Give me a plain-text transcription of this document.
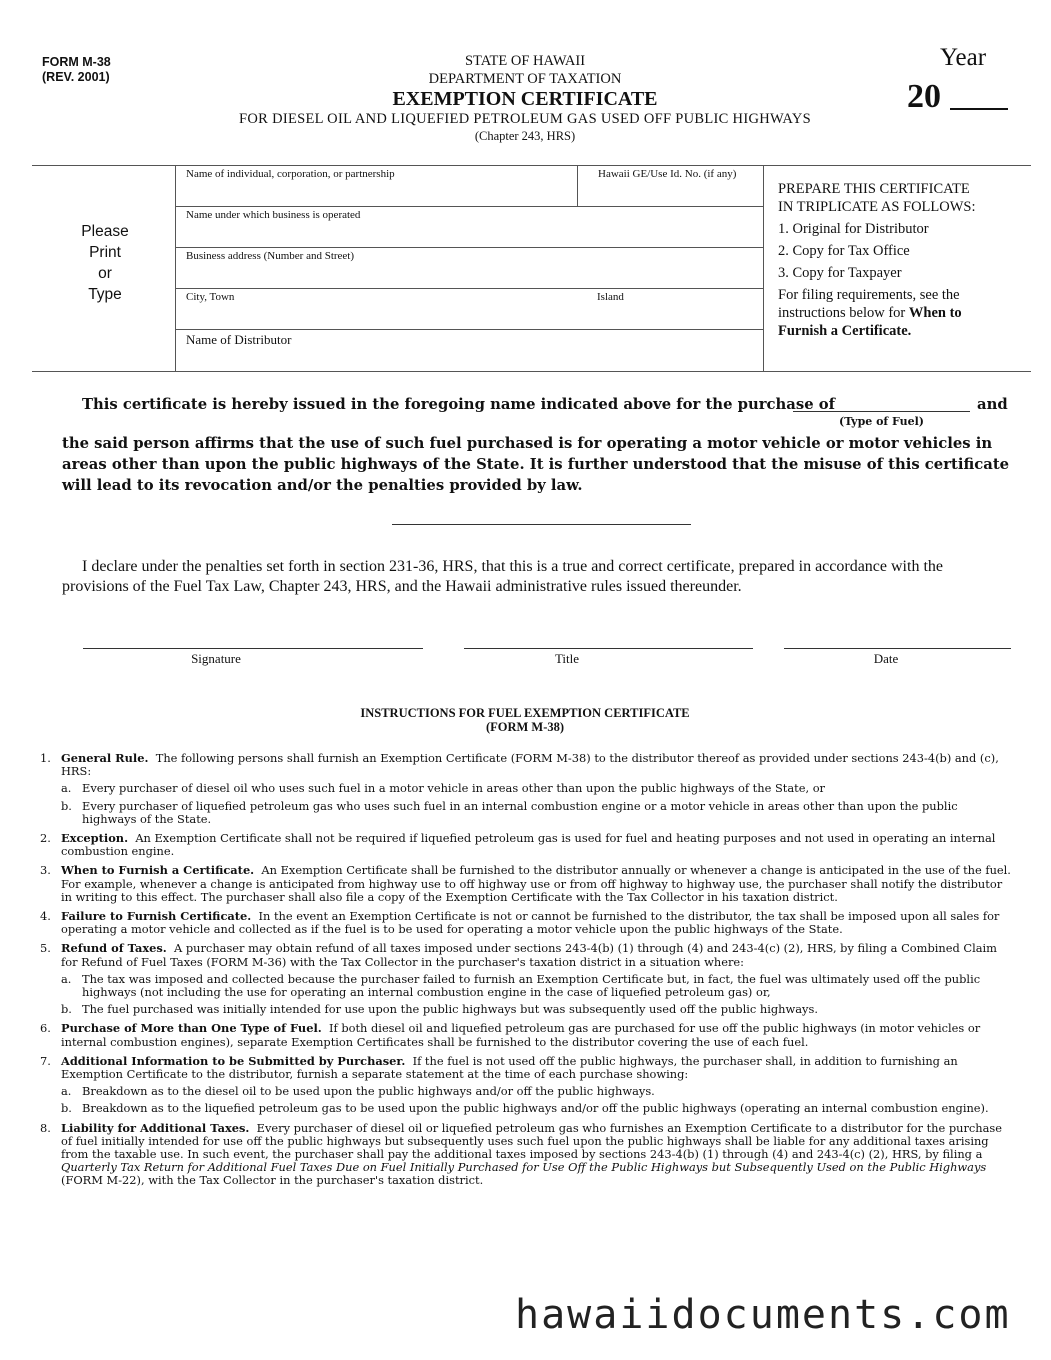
FORM M-38
(REV. 2001)
STATE OF HAWAII
DEPARTMENT OF TAXATION
EXEMPTION CERTIFICATE
FOR DIESEL OIL AND LIQUEFIED PETROLEUM GAS USED OFF PUBLIC HIGHWAYS
(Chapter 243, HRS)
Year
20
Please
Print
or
Type
Name of individual, corporation, or partnership	Hawaii GE/Use Id. No. (if any)
Name under which business is operated
Business address (Number and Street)
City, Town	Island
Name of Distributor
PREPARE THIS CERTIFICATE
IN TRIPLICATE AS FOLLOWS:
1. Original for Distributor
2. Copy for Tax Office
3. Copy for Taxpayer
For filing requirements, see the
instructions below for When to
Furnish a Certificate.
This certificate is hereby issued in the foregoing name indicated above for the purchase of	and
(Type of Fuel)
the said person affirms that the use of such fuel purchased is for operating a motor vehicle or motor vehicles in areas other than upon the public highways of the State. It is further understood that the misuse of this certificate will lead to its revocation and/or the penalties provided by law.
I declare under the penalties set forth in section 231-36, HRS, that this is a true and correct certificate, prepared in accordance with the provisions of the Fuel Tax Law, Chapter 243, HRS, and the Hawaii administrative rules issued thereunder.
Signature	Title	Date
INSTRUCTIONS FOR FUEL EXEMPTION CERTIFICATE
(FORM M-38)
1. General Rule. The following persons shall furnish an Exemption Certificate (FORM M-38) to the distributor thereof as provided under sections 243-4(b) and (c), HRS:
a. Every purchaser of diesel oil who uses such fuel in a motor vehicle in areas other than upon the public highways of the State, or
b. Every purchaser of liquefied petroleum gas who uses such fuel in an internal combustion engine or a motor vehicle in areas other than upon the public highways of the State.
2. Exception. An Exemption Certificate shall not be required if liquefied petroleum gas is used for fuel and heating purposes and not used in operating an internal combustion engine.
3. When to Furnish a Certificate. An Exemption Certificate shall be furnished to the distributor annually or whenever a change is anticipated in the use of the fuel. For example, whenever a change is anticipated from highway use to off highway use or from off highway to highway use, the purchaser shall notify the distributor in writing to this effect. The purchaser shall also file a copy of the Exemption Certificate with the Tax Collector in his taxation district.
4. Failure to Furnish Certificate. In the event an Exemption Certificate is not or cannot be furnished to the distributor, the tax shall be imposed upon all sales for operating a motor vehicle and collected as if the fuel is to be used for operating a motor vehicle upon the public highways of the State.
5. Refund of Taxes. A purchaser may obtain refund of all taxes imposed under sections 243-4(b) (1) through (4) and 243-4(c) (2), HRS, by filing a Combined Claim for Refund of Fuel Taxes (FORM M-36) with the Tax Collector in the purchaser's taxation district in a situation where:
a. The tax was imposed and collected because the purchaser failed to furnish an Exemption Certificate but, in fact, the fuel was ultimately used off the public highways (not including the use for operating an internal combustion engine in the case of liquefied petroleum gas) or,
b. The fuel purchased was initially intended for use upon the public highways but was subsequently used off the public highways.
6. Purchase of More than One Type of Fuel. If both diesel oil and liquefied petroleum gas are purchased for use off the public highways (in motor vehicles or internal combustion engines), separate Exemption Certificates shall be furnished to the distributor covering the use of each fuel.
7. Additional Information to be Submitted by Purchaser. If the fuel is not used off the public highways, the purchaser shall, in addition to furnishing an Exemption Certificate to the distributor, furnish a separate statement at the time of each purchase showing:
a. Breakdown as to the diesel oil to be used upon the public highways and/or off the public highways.
b. Breakdown as to the liquefied petroleum gas to be used upon the public highways and/or off the public highways (operating an internal combustion engine).
8. Liability for Additional Taxes. Every purchaser of diesel oil or liquefied petroleum gas who furnishes an Exemption Certificate to a distributor for the purchase of fuel initially intended for use off the public highways but subsequently uses such fuel upon the public highways shall be liable for any additional taxes arising from the taxable use. In such event, the purchaser shall pay the additional taxes imposed by sections 243-4(b) (1) through (4) and 243-4(c) (2), HRS, by filing a Quarterly Tax Return for Additional Fuel Taxes Due on Fuel Initially Purchased for Use Off the Public Highways but Subsequently Used on the Public Highways (FORM M-22), with the Tax Collector in the purchaser's taxation district.
hawaiidocuments.com
